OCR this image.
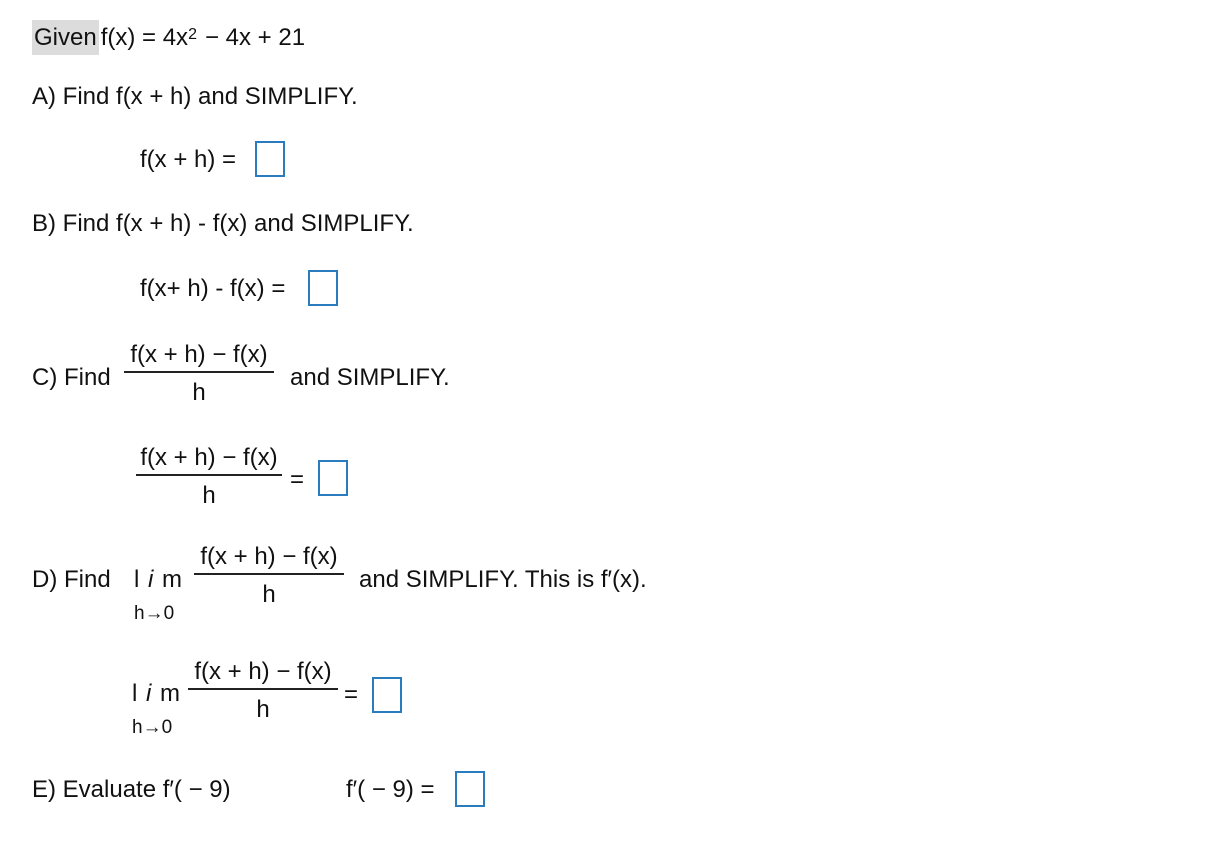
Given $f(x) = 4x^2 - 4x + 21$
A) Find f(x + h) and SIMPLIFY.
f(x + h) =
B) Find f(x + h) - f(x) and SIMPLIFY.
f(x+ h) - f(x) =
C) Find
f(x + h) − f(x)
h
and SIMPLIFY.
f(x + h) − f(x)
h
=
D) Find l i m
h→0
f(x + h) − f(x)
h
and SIMPLIFY. This is f′(x).
l i m
h→0
f(x + h) − f(x)
h
=
E) Evaluate f′( − 9)	f′( − 9) =
